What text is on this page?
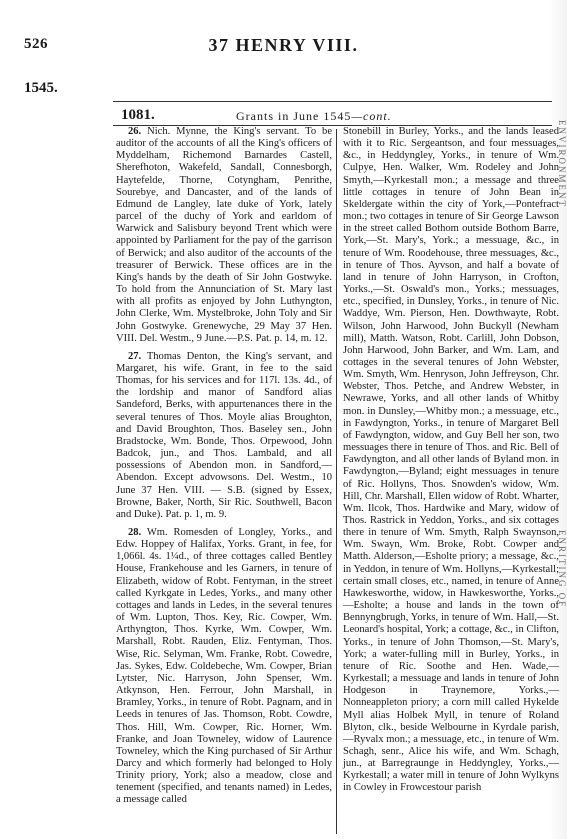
ENVIRONMENT
ENRITING OF
526	37 HENRY VIII.
1545.
1081.	Grants in June 1545—cont.

26. Nich. Mynne, the King's servant. To be auditor of the accounts of all the King's officers of Myddelham, Richemond Barnardes Castell, Sherefhoton, Wakefeld, Sandall, Connesborgh, Haytefelde, Thorne, Cotyngham, Penrithe, Sourebye, and Dancaster, and of the lands of Edmund de Langley, late duke of York, lately parcel of the duchy of York and earldom of Warwick and Salisbury beyond Trent which were appointed by Parliament for the pay of the garrison of Berwick; and also auditor of the accounts of the treasurer of Berwick. These offices are in the King's hands by the death of Sir John Gostwyke. To hold from the Annunciation of St. Mary last with all profits as enjoyed by John Luthyngton, John Clerke, Wm. Mystelbroke, John Toly and Sir John Gostwyke. Grenewyche, 29 May 37 Hen. VIII. Del. Westm., 9 June.—P.S. Pat. p. 14, m. 12.

27. Thomas Denton, the King's servant, and Margaret, his wife. Grant, in fee to the said Thomas, for his services and for 117l. 13s. 4d., of the lordship and manor of Sandford alias Sandeford, Berks, with appurtenances there in the several tenures of Thos. Moyle alias Broughton, and David Broughton, Thos. Baseley sen., John Bradstocke, Wm. Bonde, Thos. Orpewood, John Badcok, jun., and Thos. Lambald, and all possessions of Abendon mon. in Sandford,—Abendon. Except advowsons. Del. Westm., 10 June 37 Hen. VIII. — S.B. (signed by Essex, Browne, Baker, North, Sir Ric. Southwell, Bacon and Duke). Pat. p. 1, m. 9.

28. Wm. Romesden of Longley, Yorks., and Edw. Hoppey of Halifax, Yorks. Grant, in fee, for 1,066l. 4s. 1¼d., of three cottages called Bentley House, Frankehouse and les Garners, in tenure of Elizabeth, widow of Robt. Fentyman, in the street called Kyrkgate in Ledes, Yorks., and many other cottages and lands in Ledes, in the several tenures of Wm. Lupton, Thos. Key, Ric. Cowper, Wm. Arthyngton, Thos. Kyrke, Wm. Cowper, Wm. Marshall, Robt. Rauden, Eliz. Fentyman, Thos. Wise, Ric. Selyman, Wm. Franke, Robt. Cowedre, Jas. Sykes, Edw. Coldebeche, Wm. Cowper, Brian Lytster, Nic. Harryson, John Spenser, Wm. Atkynson, Hen. Ferrour, John Marshall, in Bramley, Yorks., in tenure of Robt. Pagnam, and in Leeds in tenures of Jas. Thomson, Robt. Cowdre, Thos. Hill, Wm. Cowper, Ric. Horner, Wm. Franke, and Joan Towneley, widow of Laurence Towneley, which the King purchased of Sir Arthur Darcy and which formerly had belonged to Holy Trinity priory, York; also a meadow, close and tenement (specified, and tenants named) in Ledes, a message called

Stonebill in Burley, Yorks., and the lands leased with it to Ric. Sergeantson, and four messuages, &c., in Heddyngley, Yorks., in tenure of Wm. Culpye, Hen. Walker, Wm. Rodeley and John Smyth,—Kyrkestall mon.; a message and three little cottages in tenure of John Bean in Skeldergate within the city of York,—Pontefract mon.; two cottages in tenure of Sir George Lawson in the street called Bothom outside Bothom Barre, York,—St. Mary's, York.; a messuage, &c., in tenure of Wm. Roodehouse, three messuages, &c., in tenure of Thos. Ayvson, and half a bovate of land in tenure of John Harryson, in Crofton, Yorks.,—St. Oswald's mon., Yorks.; messuages, etc., specified, in Dunsley, Yorks., in tenure of Nic. Waddye, Wm. Pierson, Hen. Dowthwayte, Robt. Wilson, John Harwood, John Buckyll (Newham mill), Matth. Watson, Robt. Carlill, John Dobson, John Harwood, John Barker, and Wm. Lam, and cottages in the several tenures of John Webster, Wm. Smyth, Wm. Henryson, John Jeffreyson, Chr. Webster, Thos. Petche, and Andrew Webster, in Newrawe, Yorks, and all other lands of Whitby mon. in Dunsley,—Whitby mon.; a messuage, etc., in Fawdyngton, Yorks., in tenure of Margaret Bell of Fawdyngton, widow, and Guy Bell her son, two messuages there in tenure of Thos. and Ric. Bell of Fawdyngton, and all other lands of Byland mon. in Fawdyngton,—Byland; eight messuages in tenure of Ric. Hollyns, Thos. Snowden's widow, Wm. Hill, Chr. Marshall, Ellen widow of Robt. Wharter, Wm. Ilcok, Thos. Hardwike and Mary, widow of Thos. Rastrick in Yeddon, Yorks., and six cottages there in tenure of Wm. Smyth, Ralph Swaynson, Wm. Swayn, Wm. Broke, Robt. Cowper and Matth. Alderson,—Esholte priory; a message, &c., in Yeddon, in tenure of Wm. Hollyns,—Kyrkestall; certain small closes, etc., named, in tenure of Anne Hawkesworthe, widow, in Hawkesworthe, Yorks.,—Esholte; a house and lands in the town of Bennyngbrugh, Yorks, in tenure of Wm. Hall,—St. Leonard's hospital, York; a cottage, &c., in Clifton, Yorks., in tenure of John Thomson,—St. Mary's, York; a water-fulling mill in Burley, Yorks., in tenure of Ric. Soothe and Hen. Wade,—Kyrkestall; a messuage and lands in tenure of John Hodgeson in Traynemore, Yorks.,—Nonneappleton priory; a corn mill called Hykelde Myll alias Holbek Myll, in tenure of Roland Blyton, clk., beside Welbourne in Kyrdale parish,—Ryvalx mon.; a messuage, etc., in tenure of Wm. Schagh, senr., Alice his wife, and Wm. Schagh, jun., at Barregraunge in Heddyngley, Yorks.,—Kyrkestall; a water mill in tenure of John Wylkyns in Cowley in Frowcestour parish
